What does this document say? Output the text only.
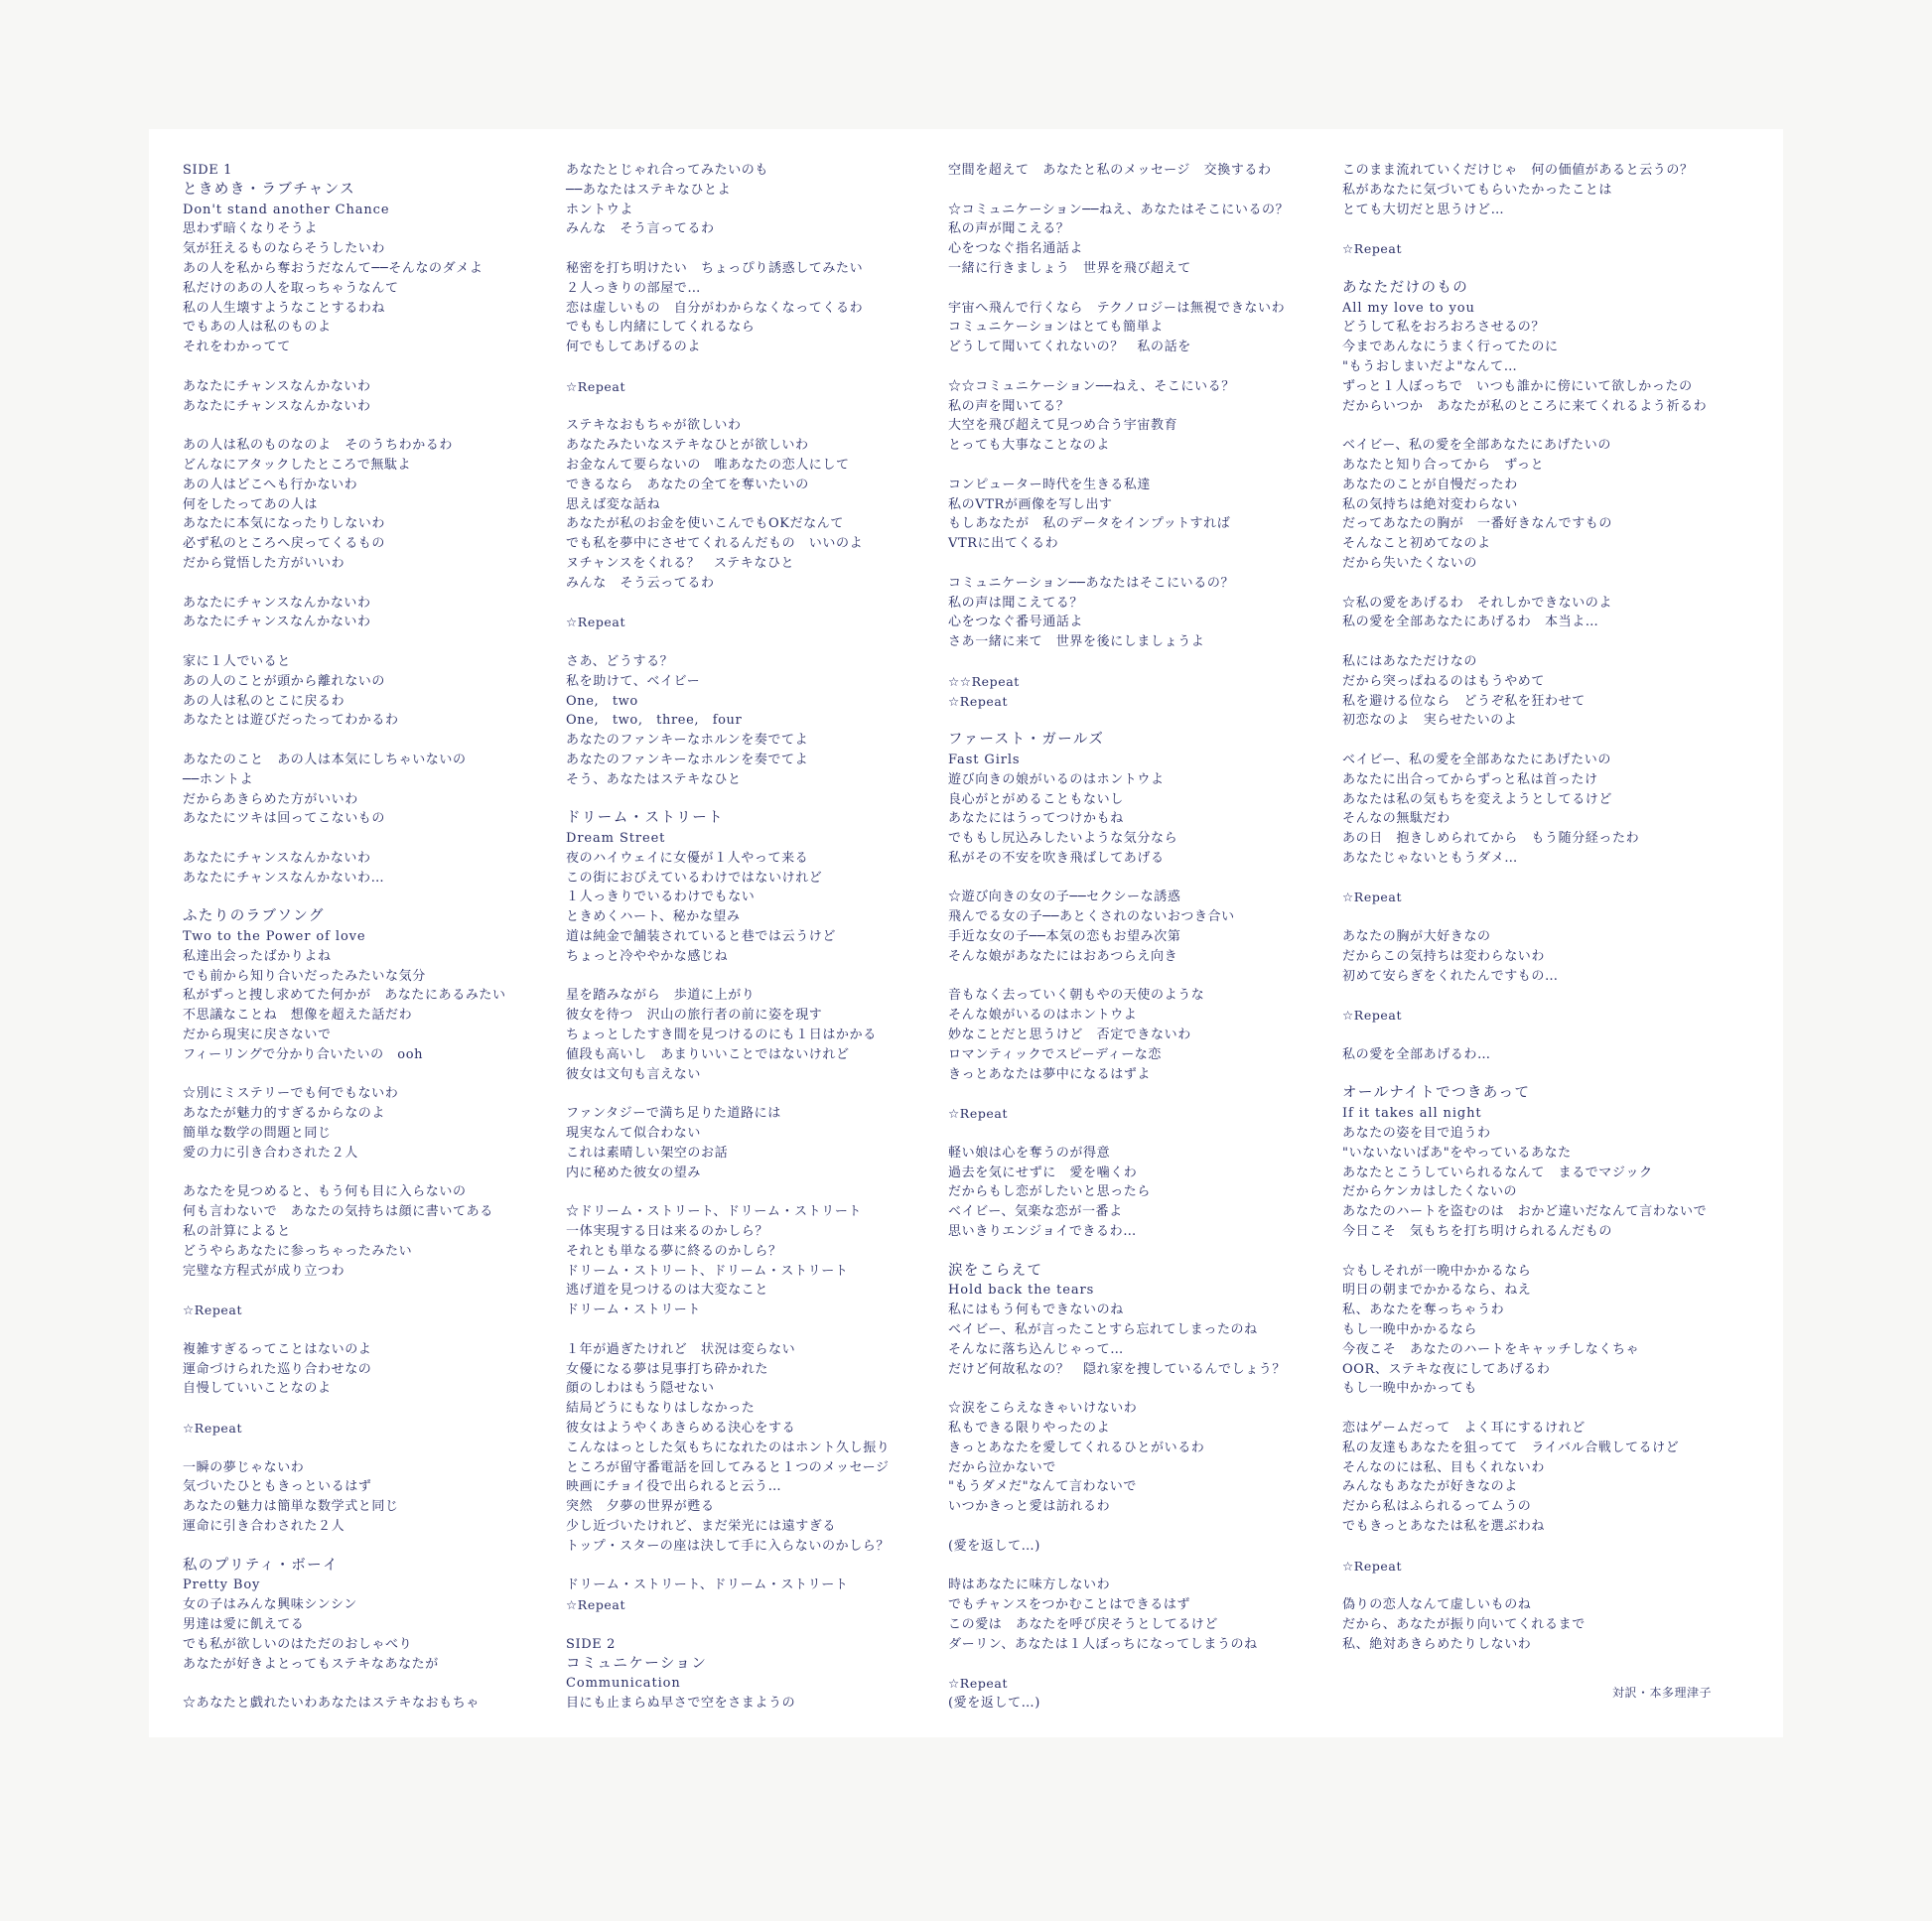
SIDE 1
ときめき・ラブチャンス
Don't stand another Chance
思わず暗くなりそうよ
気が狂えるものならそうしたいわ
あの人を私から奪おうだなんて──そんなのダメよ
私だけのあの人を取っちゃうなんて
私の人生壊すようなことするわね
でもあの人は私のものよ
それをわかってて
あなたにチャンスなんかないわ
あなたにチャンスなんかないわ
あの人は私のものなのよ　そのうちわかるわ
どんなにアタックしたところで無駄よ
あの人はどこへも行かないわ
何をしたってあの人は
あなたに本気になったりしないわ
必ず私のところへ戻ってくるもの
だから覚悟した方がいいわ
あなたにチャンスなんかないわ
あなたにチャンスなんかないわ
家に１人でいると
あの人のことが頭から離れないの
あの人は私のとこに戻るわ
あなたとは遊びだったってわかるわ
あなたのこと　あの人は本気にしちゃいないの
──ホントよ
だからあきらめた方がいいわ
あなたにツキは回ってこないもの
あなたにチャンスなんかないわ
あなたにチャンスなんかないわ…
ふたりのラブソング
Two to the Power of love
私達出会ったばかりよね
でも前から知り合いだったみたいな気分
私がずっと捜し求めてた何かが　あなたにあるみたい
不思議なことね　想像を超えた話だわ
だから現実に戻さないで
フィーリングで分かり合いたいの　ooh
☆別にミステリーでも何でもないわ
あなたが魅力的すぎるからなのよ
簡単な数学の問題と同じ
愛の力に引き合わされた２人
あなたを見つめると、もう何も目に入らないの
何も言わないで　あなたの気持ちは顔に書いてある
私の計算によると
どうやらあなたに参っちゃったみたい
完璧な方程式が成り立つわ
☆Repeat
複雑すぎるってことはないのよ
運命づけられた巡り合わせなの
自慢していいことなのよ
☆Repeat
一瞬の夢じゃないわ
気づいたひともきっといるはず
あなたの魅力は簡単な数学式と同じ
運命に引き合わされた２人
私のプリティ・ボーイ
Pretty Boy
女の子はみんな興味シンシン
男達は愛に飢えてる
でも私が欲しいのはただのおしゃべり
あなたが好きよとってもステキなあなたが
☆あなたと戯れたいわあなたはステキなおもちゃ
あなたとじゃれ合ってみたいのも
──あなたはステキなひとよ
ホントウよ
みんな　そう言ってるわ
秘密を打ち明けたい　ちょっぴり誘惑してみたい
２人っきりの部屋で…
恋は虚しいもの　自分がわからなくなってくるわ
でももし内緒にしてくれるなら
何でもしてあげるのよ
☆Repeat
ステキなおもちゃが欲しいわ
あなたみたいなステキなひとが欲しいわ
お金なんて要らないの　唯あなたの恋人にして
できるなら　あなたの全てを奪いたいの
思えば変な話ね
あなたが私のお金を使いこんでもOKだなんて
でも私を夢中にさせてくれるんだもの　いいのよ
ヌチャンスをくれる？　ステキなひと
みんな　そう云ってるわ
☆Repeat
さあ、どうする？
私を助けて、ベイビー
One,　two
One,　two,　three,　four
あなたのファンキーなホルンを奏でてよ
あなたのファンキーなホルンを奏でてよ
そう、あなたはステキなひと
ドリーム・ストリート
Dream Street
夜のハイウェイに女優が１人やって来る
この街におびえているわけではないけれど
１人っきりでいるわけでもない
ときめくハート、秘かな望み
道は純金で舗装されていると巷では云うけど
ちょっと冷ややかな感じね
星を踏みながら　歩道に上がり
彼女を待つ　沢山の旅行者の前に姿を現す
ちょっとしたすき間を見つけるのにも１日はかかる
値段も高いし　あまりいいことではないけれど
彼女は文句も言えない
ファンタジーで満ち足りた道路には
現実なんて似合わない
これは素晴しい架空のお話
内に秘めた彼女の望み
☆ドリーム・ストリート、ドリーム・ストリート
一体実現する日は来るのかしら？
それとも単なる夢に終るのかしら？
ドリーム・ストリート、ドリーム・ストリート
逃げ道を見つけるのは大変なこと
ドリーム・ストリート
１年が過ぎたけれど　状況は変らない
女優になる夢は見事打ち砕かれた
顔のしわはもう隠せない
結局どうにもなりはしなかった
彼女はようやくあきらめる決心をする
こんなはっとした気もちになれたのはホント久し振り
ところが留守番電話を回してみると１つのメッセージ
映画にチョイ役で出られると云う…
突然　夕夢の世界が甦る
少し近づいたけれど、まだ栄光には遠すぎる
トップ・スターの座は決して手に入らないのかしら？
ドリーム・ストリート、ドリーム・ストリート
☆Repeat
SIDE 2
コミュニケーション
Communication
目にも止まらぬ早さで空をさまようの
空間を超えて　あなたと私のメッセージ　交換するわ
☆コミュニケーション──ねえ、あなたはそこにいるの？
私の声が聞こえる？
心をつなぐ指名通話よ
一緒に行きましょう　世界を飛び超えて
宇宙へ飛んで行くなら　テクノロジーは無視できないわ
コミュニケーションはとても簡単よ
どうして聞いてくれないの？　私の話を
☆☆コミュニケーション──ねえ、そこにいる？
私の声を聞いてる？
大空を飛び超えて見つめ合う宇宙教育
とっても大事なことなのよ
コンピューター時代を生きる私達
私のVTRが画像を写し出す
もしあなたが　私のデータをインプットすれば
VTRに出てくるわ
コミュニケーション──あなたはそこにいるの？
私の声は聞こえてる？
心をつなぐ番号通話よ
さあ一緒に来て　世界を後にしましょうよ
☆☆Repeat
☆Repeat
ファースト・ガールズ
Fast Girls
遊び向きの娘がいるのはホントウよ
良心がとがめることもないし
あなたにはうってつけかもね
でももし尻込みしたいような気分なら
私がその不安を吹き飛ばしてあげる
☆遊び向きの女の子──セクシーな誘惑
飛んでる女の子──あとくされのないおつき合い
手近な女の子──本気の恋もお望み次第
そんな娘があなたにはおあつらえ向き
音もなく去っていく朝もやの天使のような
そんな娘がいるのはホントウよ
妙なことだと思うけど　否定できないわ
ロマンティックでスピーディーな恋
きっとあなたは夢中になるはずよ
☆Repeat
軽い娘は心を奪うのが得意
過去を気にせずに　愛を噛くわ
だからもし恋がしたいと思ったら
ベイビー、気楽な恋が一番よ
思いきりエンジョイできるわ…
涙をこらえて
Hold back the tears
私にはもう何もできないのね
ベイビー、私が言ったことすら忘れてしまったのね
そんなに落ち込んじゃって…
だけど何故私なの？　隠れ家を捜しているんでしょう？
☆涙をこらえなきゃいけないわ
私もできる限りやったのよ
きっとあなたを愛してくれるひとがいるわ
だから泣かないで
"もうダメだ"なんて言わないで
いつかきっと愛は訪れるわ
(愛を返して…)
時はあなたに味方しないわ
でもチャンスをつかむことはできるはず
この愛は　あなたを呼び戻そうとしてるけど
ダーリン、あなたは１人ぼっちになってしまうのね
☆Repeat
(愛を返して…)
このまま流れていくだけじゃ　何の価値があると云うの？
私があなたに気づいてもらいたかったことは
とても大切だと思うけど…
☆Repeat
あなただけのもの
All my love to you
どうして私をおろおろさせるの？
今まであんなにうまく行ってたのに
"もうおしまいだよ"なんて…
ずっと１人ぼっちで　いつも誰かに傍にいて欲しかったの
だからいつか　あなたが私のところに来てくれるよう祈るわ
ベイビー、私の愛を全部あなたにあげたいの
あなたと知り合ってから　ずっと
あなたのことが自慢だったわ
私の気持ちは絶対変わらない
だってあなたの胸が　一番好きなんですもの
そんなこと初めてなのよ
だから失いたくないの
☆私の愛をあげるわ　それしかできないのよ
私の愛を全部あなたにあげるわ　本当よ…
私にはあなただけなの
だから突っぱねるのはもうやめて
私を避ける位なら　どうぞ私を狂わせて
初恋なのよ　実らせたいのよ
ベイビー、私の愛を全部あなたにあげたいの
あなたに出合ってからずっと私は首ったけ
あなたは私の気もちを変えようとしてるけど
そんなの無駄だわ
あの日　抱きしめられてから　もう随分経ったわ
あなたじゃないともうダメ…
☆Repeat
あなたの胸が大好きなの
だからこの気持ちは変わらないわ
初めて安らぎをくれたんですもの…
☆Repeat
私の愛を全部あげるわ…
オールナイトでつきあって
If it takes all night
あなたの姿を目で追うわ
"いないないばあ"をやっているあなた
あなたとこうしていられるなんて　まるでマジック
だからケンカはしたくないの
あなたのハートを盗むのは　おかど違いだなんて言わないで
今日こそ　気もちを打ち明けられるんだもの
☆もしそれが一晩中かかるなら
明日の朝までかかるなら、ねえ
私、あなたを奪っちゃうわ
もし一晩中かかるなら
今夜こそ　あなたのハートをキャッチしなくちゃ
OOR、ステキな夜にしてあげるわ
もし一晩中かかっても
恋はゲームだって　よく耳にするけれど
私の友達もあなたを狙ってて　ライバル合戦してるけど
そんなのには私、目もくれないわ
みんなもあなたが好きなのよ
だから私はふられるってムうの
でもきっとあなたは私を選ぶわね
☆Repeat
偽りの恋人なんて虚しいものね
だから、あなたが振り向いてくれるまで
私、絶対あきらめたりしないわ
対訳・本多理津子
